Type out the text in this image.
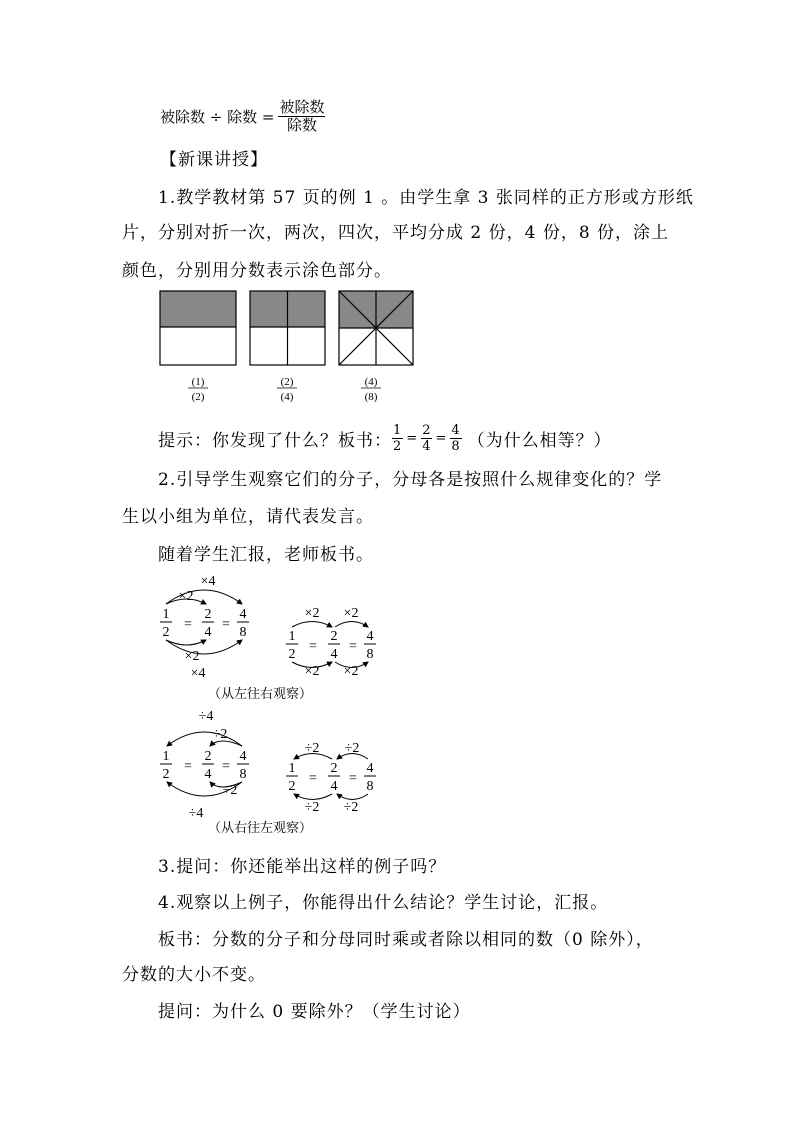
被除数 ÷ 除数 = $\frac{\text{被除数}}{\text{除数}}$
【新课讲授】
1.教学教材第 57 页的例 1 。由学生拿 3 张同样的正方形或方形纸
片，分别对折一次，两次，四次，平均分成 2 份，4 份，8 份，涂上
颜色，分别用分数表示涂色部分。
(1)
(2)
(2)
(4)
(4)
(8)
提示：你发现了什么？板书： $\frac{1}{2} = \frac{2}{4} = \frac{4}{8}$ （为什么相等？）
2.引导学生观察它们的分子，分母各是按照什么规律变化的？学
生以小组为单位，请代表发言。
随着学生汇报，老师板书。
1
2
=
2
4
=
4
8
×4
×2
×2
×4
1
2
=
2
4
=
4
8
×2 ×2
×2 ×2
（从左往右观察）
1
2
=
2
4
=
4
8
÷4
÷2
÷2
÷4
1
2
=
2
4
=
4
8
÷2 ÷2
÷2 ÷2
（从右往左观察）
3.提问：你还能举出这样的例子吗？
4.观察以上例子，你能得出什么结论？学生讨论，汇报。
板书：分数的分子和分母同时乘或者除以相同的数（0 除外），
分数的大小不变。
提问：为什么 0 要除外？（学生讨论）
